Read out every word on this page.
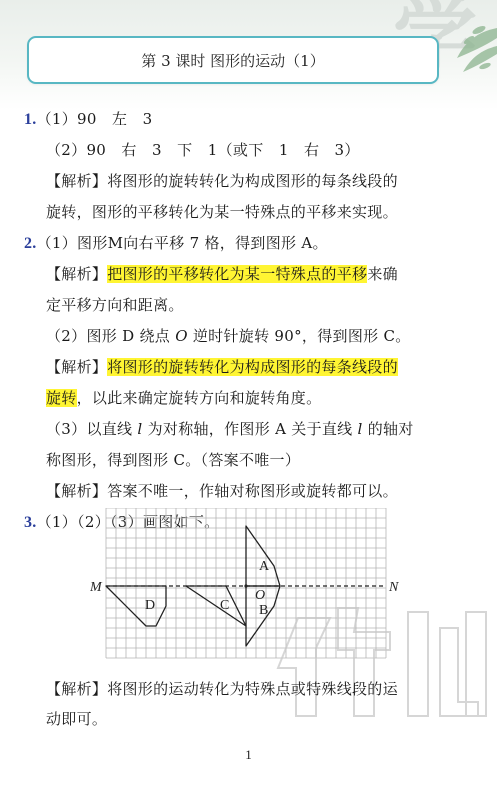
第 3 课时 图形的运动（1）
1.（1）90　左　3
（2）90　右　3　下　1（或下　1　右　3）
【解析】将图形的旋转转化为构成图形的每条线段的
旋转，图形的平移转化为某一特殊点的平移来实现。
2.（1）图形M向右平移 7 格，得到图形 A。
【解析】把图形的平移转化为某一特殊点的平移来确
定平移方向和距离。
（2）图形 D 绕点 O 逆时针旋转 90°，得到图形 C。
【解析】将图形的旋转转化为构成图形的每条线段的
旋转，以此来确定旋转方向和旋转角度。
（3）以直线 l 为对称轴，作图形 A 关于直线 l 的轴对
称图形，得到图形 C。（答案不唯一）
【解析】答案不唯一，作轴对称图形或旋转都可以。
3.（1）（2）（3）画图如下。
M	N
A
B
C
D
O
【解析】将图形的运动转化为特殊点或特殊线段的运
动即可。
1
